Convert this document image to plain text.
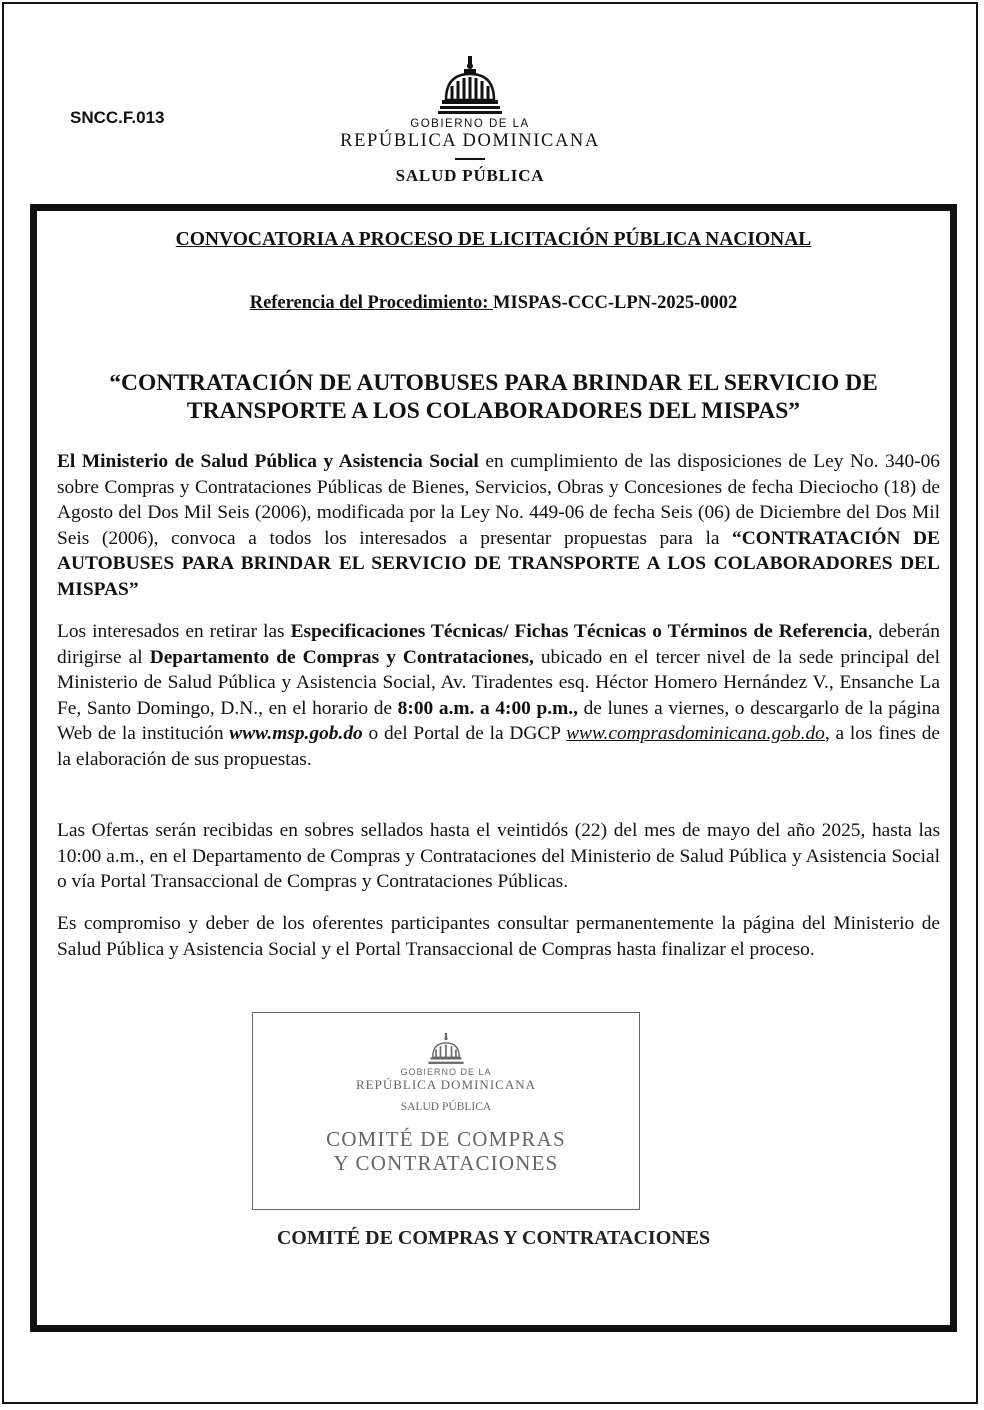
SNCC.F.013	GOBIERNO DE LA
REPÚBLICA DOMINICANA
SALUD PÚBLICA
CONVOCATORIA A PROCESO DE LICITACIÓN PÚBLICA NACIONAL
Referencia del Procedimiento: MISPAS-CCC-LPN-2025-0002
“CONTRATACIÓN DE AUTOBUSES PARA BRINDAR EL SERVICIO DE
TRANSPORTE A LOS COLABORADORES DEL MISPAS”

El Ministerio de Salud Pública y Asistencia Social en cumplimiento de las disposiciones de Ley No. 340-06 sobre Compras y Contrataciones Públicas de Bienes, Servicios, Obras y Concesiones de fecha Dieciocho (18) de Agosto del Dos Mil Seis (2006), modificada por la Ley No. 449-06 de fecha Seis (06) de Diciembre del Dos Mil Seis (2006), convoca a todos los interesados a presentar propuestas para la “CONTRATACIÓN DE AUTOBUSES PARA BRINDAR EL SERVICIO DE TRANSPORTE A LOS COLABORADORES DEL MISPAS”

Los interesados en retirar las Especificaciones Técnicas/ Fichas Técnicas o Términos de Referencia, deberán dirigirse al Departamento de Compras y Contrataciones, ubicado en el tercer nivel de la sede principal del Ministerio de Salud Pública y Asistencia Social, Av. Tiradentes esq. Héctor Homero Hernández V., Ensanche La Fe, Santo Domingo, D.N., en el horario de 8:00 a.m. a 4:00 p.m., de lunes a viernes, o descargarlo de la página Web de la institución www.msp.gob.do o del Portal de la DGCP www.comprasdominicana.gob.do, a los fines de la elaboración de sus propuestas.

Las Ofertas serán recibidas en sobres sellados hasta el veintidós (22) del mes de mayo del año 2025, hasta las 10:00 a.m., en el Departamento de Compras y Contrataciones del Ministerio de Salud Pública y Asistencia Social o vía Portal Transaccional de Compras y Contrataciones Públicas.

Es compromiso y deber de los oferentes participantes consultar permanentemente la página del Ministerio de Salud Pública y Asistencia Social y el Portal Transaccional de Compras hasta finalizar el proceso.

GOBIERNO DE LA
REPÚBLICA DOMINICANA
SALUD PÚBLICA
COMITÉ DE COMPRAS
Y CONTRATACIONES
COMITÉ DE COMPRAS Y CONTRATACIONES
